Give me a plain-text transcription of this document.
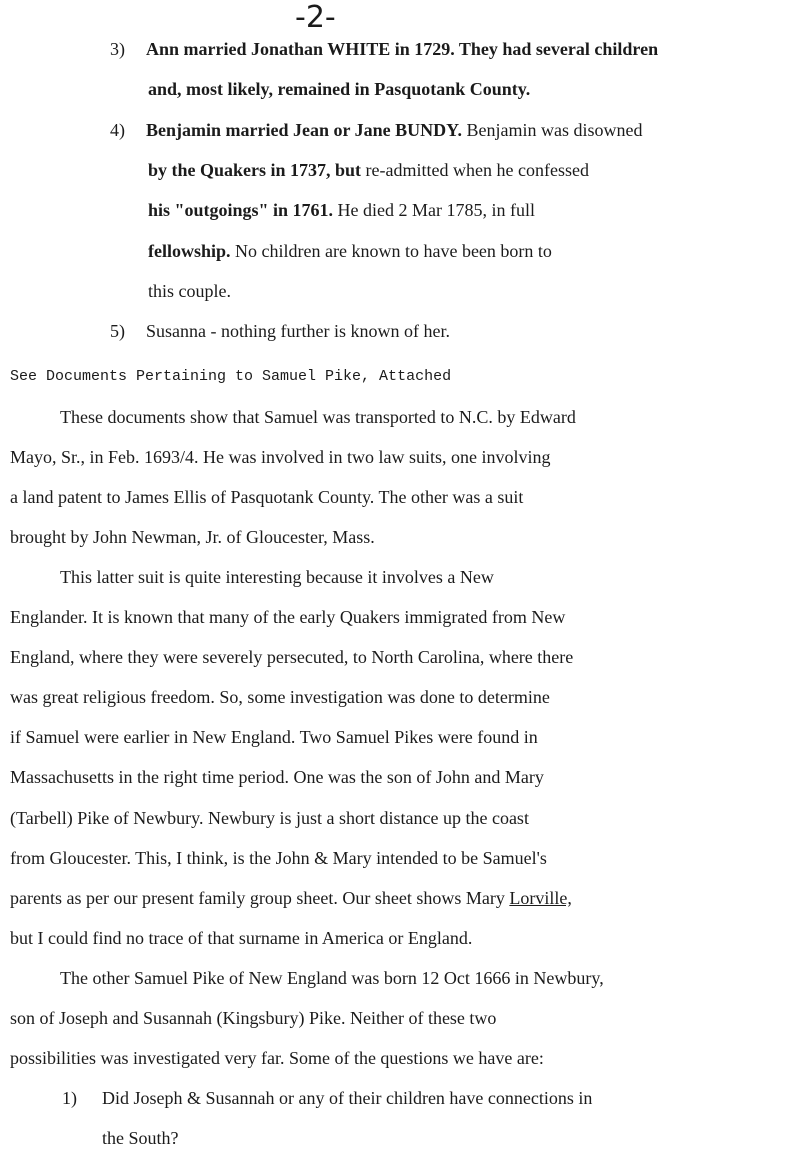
-2-
3) Ann married Jonathan WHITE in 1729. They had several children
and, most likely, remained in Pasquotank County.
4) Benjamin married Jean or Jane BUNDY. Benjamin was disowned
by the Quakers in 1737, but re-admitted when he confessed
his "outgoings" in 1761. He died 2 Mar 1785, in full
fellowship. No children are known to have been born to
this couple.
5) Susanna - nothing further is known of her.
See Documents Pertaining to Samuel Pike, Attached
These documents show that Samuel was transported to N.C. by Edward
Mayo, Sr., in Feb. 1693/4. He was involved in two law suits, one involving
a land patent to James Ellis of Pasquotank County. The other was a suit
brought by John Newman, Jr. of Gloucester, Mass.
This latter suit is quite interesting because it involves a New
Englander. It is known that many of the early Quakers immigrated from New
England, where they were severely persecuted, to North Carolina, where there
was great religious freedom. So, some investigation was done to determine
if Samuel were earlier in New England. Two Samuel Pikes were found in
Massachusetts in the right time period. One was the son of John and Mary
(Tarbell) Pike of Newbury. Newbury is just a short distance up the coast
from Gloucester. This, I think, is the John & Mary intended to be Samuel's
parents as per our present family group sheet. Our sheet shows Mary Lorville,
but I could find no trace of that surname in America or England.
The other Samuel Pike of New England was born 12 Oct 1666 in Newbury,
son of Joseph and Susannah (Kingsbury) Pike. Neither of these two
possibilities was investigated very far. Some of the questions we have are:
1) Did Joseph & Susannah or any of their children have connections in
the South?
